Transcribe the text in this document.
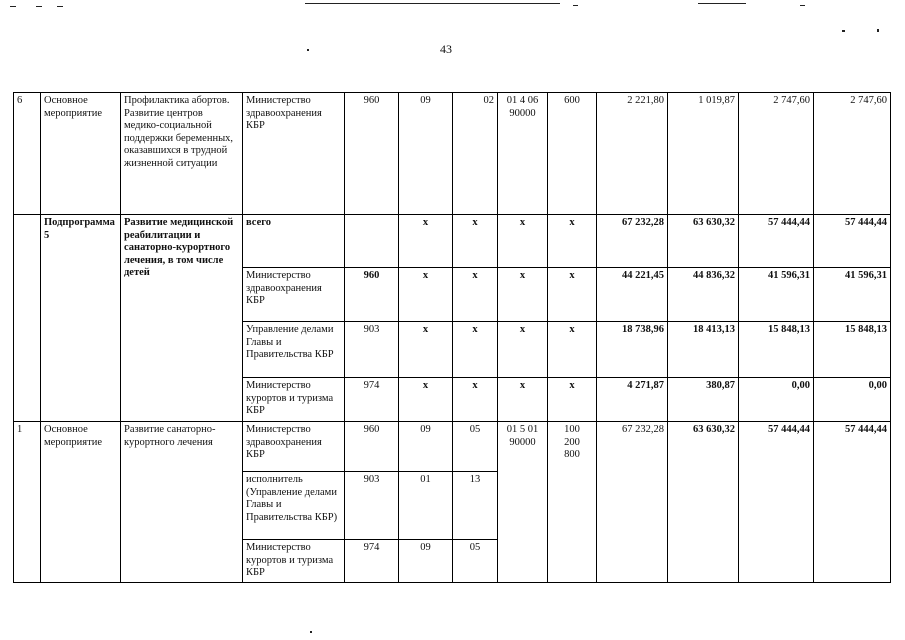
43
6	Основное мероприятие	Профилактика абортов. Развитие центров медико-социальной поддержки беременных, оказавшихся в трудной жизненной ситуации	Министерство здравоохранения КБР	960	09	02	01 4 06 90000	600	2 221,80	1 019,87	2 747,60	2 747,60
	Подпрограмма 5	Развитие медицинской реабилитации и санаторно-курортного лечения, в том числе детей	всего		х	х	х	х	67 232,28	63 630,32	57 444,44	57 444,44
			Министерство здравоохранения КБР	960	х	х	х	х	44 221,45	44 836,32	41 596,31	41 596,31
			Управление делами Главы и Правительства КБР	903	х	х	х	х	18 738,96	18 413,13	15 848,13	15 848,13
			Министерство курортов и туризма КБР	974	х	х	х	х	4 271,87	380,87	0,00	0,00
1	Основное мероприятие	Развитие санаторно-курортного лечения	Министерство здравоохранения КБР	960	09	05	01 5 01 90000	100 200 800	67 232,28	63 630,32	57 444,44	57 444,44
			исполнитель (Управление делами Главы и Правительства КБР)	903	01	13						
			Министерство курортов и туризма КБР	974	09	05						
